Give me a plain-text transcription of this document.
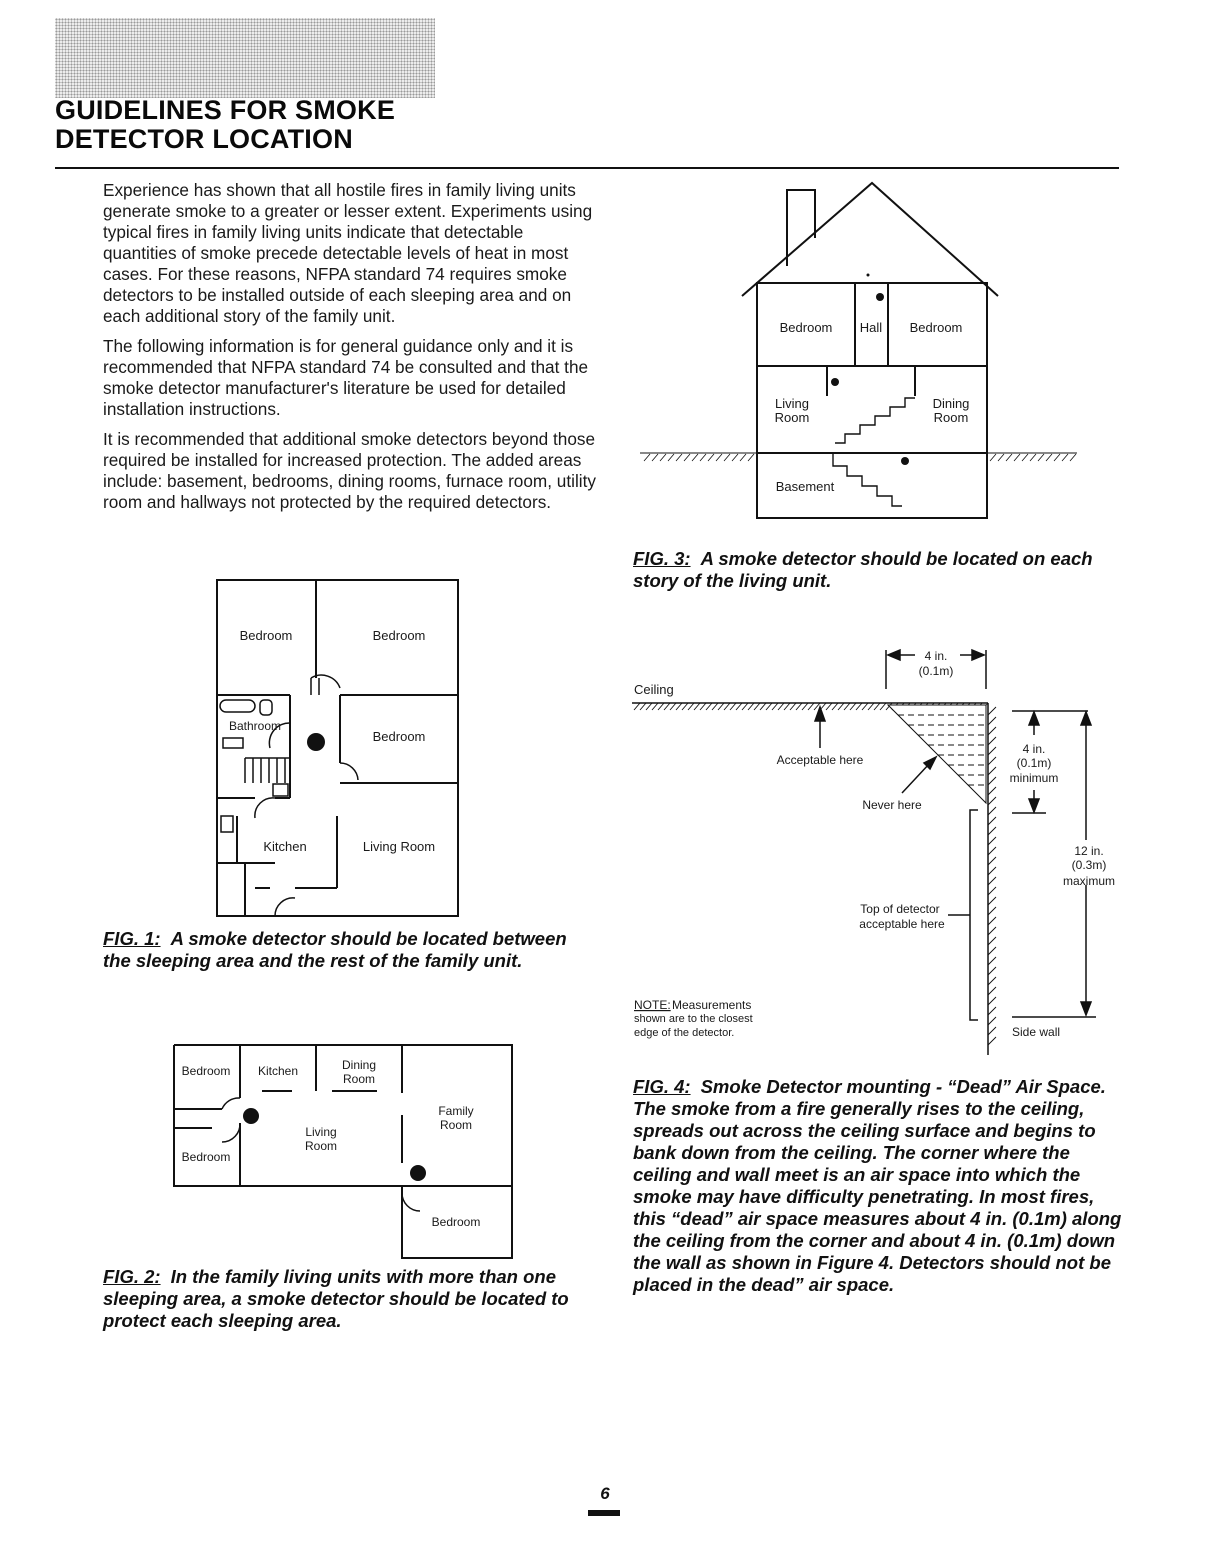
GUIDELINES FOR SMOKE
DETECTOR LOCATION

Experience has shown that all hostile fires in family living units generate smoke to a greater or lesser extent. Experiments using typical fires in family living units indicate that detectable quantities of smoke precede detectable levels of heat in most cases. For these reasons, NFPA standard 74 requires smoke detectors to be installed outside of each sleeping area and on each additional story of the family unit.

The following information is for general guidance only and it is recommended that NFPA standard 74 be consulted and that the smoke detector manufacturer's literature be used for detailed installation instructions.

It is recommended that additional smoke detectors beyond those required be installed for increased protection. The added areas include: basement, bedrooms, dining rooms, furnace room, utility room and hallways not protected by the required detectors.

Bedroom Hall Bedroom
Living
Room
Dining
Room
Basement
FIG. 3: A smoke detector should be located on each story of the living unit.
Bedroom	Bedroom
Bathroom
Bedroom
Kitchen	Living Room
FIG. 1: A smoke detector should be located between the sleeping area and the rest of the family unit.
4 in.
(0.1m)
Ceiling
Acceptable here
Never here
4 in.
(0.1m)
minimum
12 in.
(0.3m)
maximum
Top of detector
acceptable here
NOTE: Measurements
shown are to the closest
edge of the detector.	Side wall
FIG. 4: Smoke Detector mounting - “Dead” Air Space. The smoke from a fire generally rises to the ceiling, spreads out across the ceiling surface and begins to bank down from the ceiling. The corner where the ceiling and wall meet is an air space into which the smoke may have difficulty penetrating. In most fires, this “dead” air space measures about 4 in. (0.1m) along the ceiling from the corner and about 4 in. (0.1m) down the wall as shown in Figure 4. Detectors should not be placed in the dead” air space.
Bedroom Kitchen	Dining
Room
Family
Room
Living
Room
Bedroom
Bedroom
FIG. 2: In the family living units with more than one sleeping area, a smoke detector should be located to protect each sleeping area.
6
